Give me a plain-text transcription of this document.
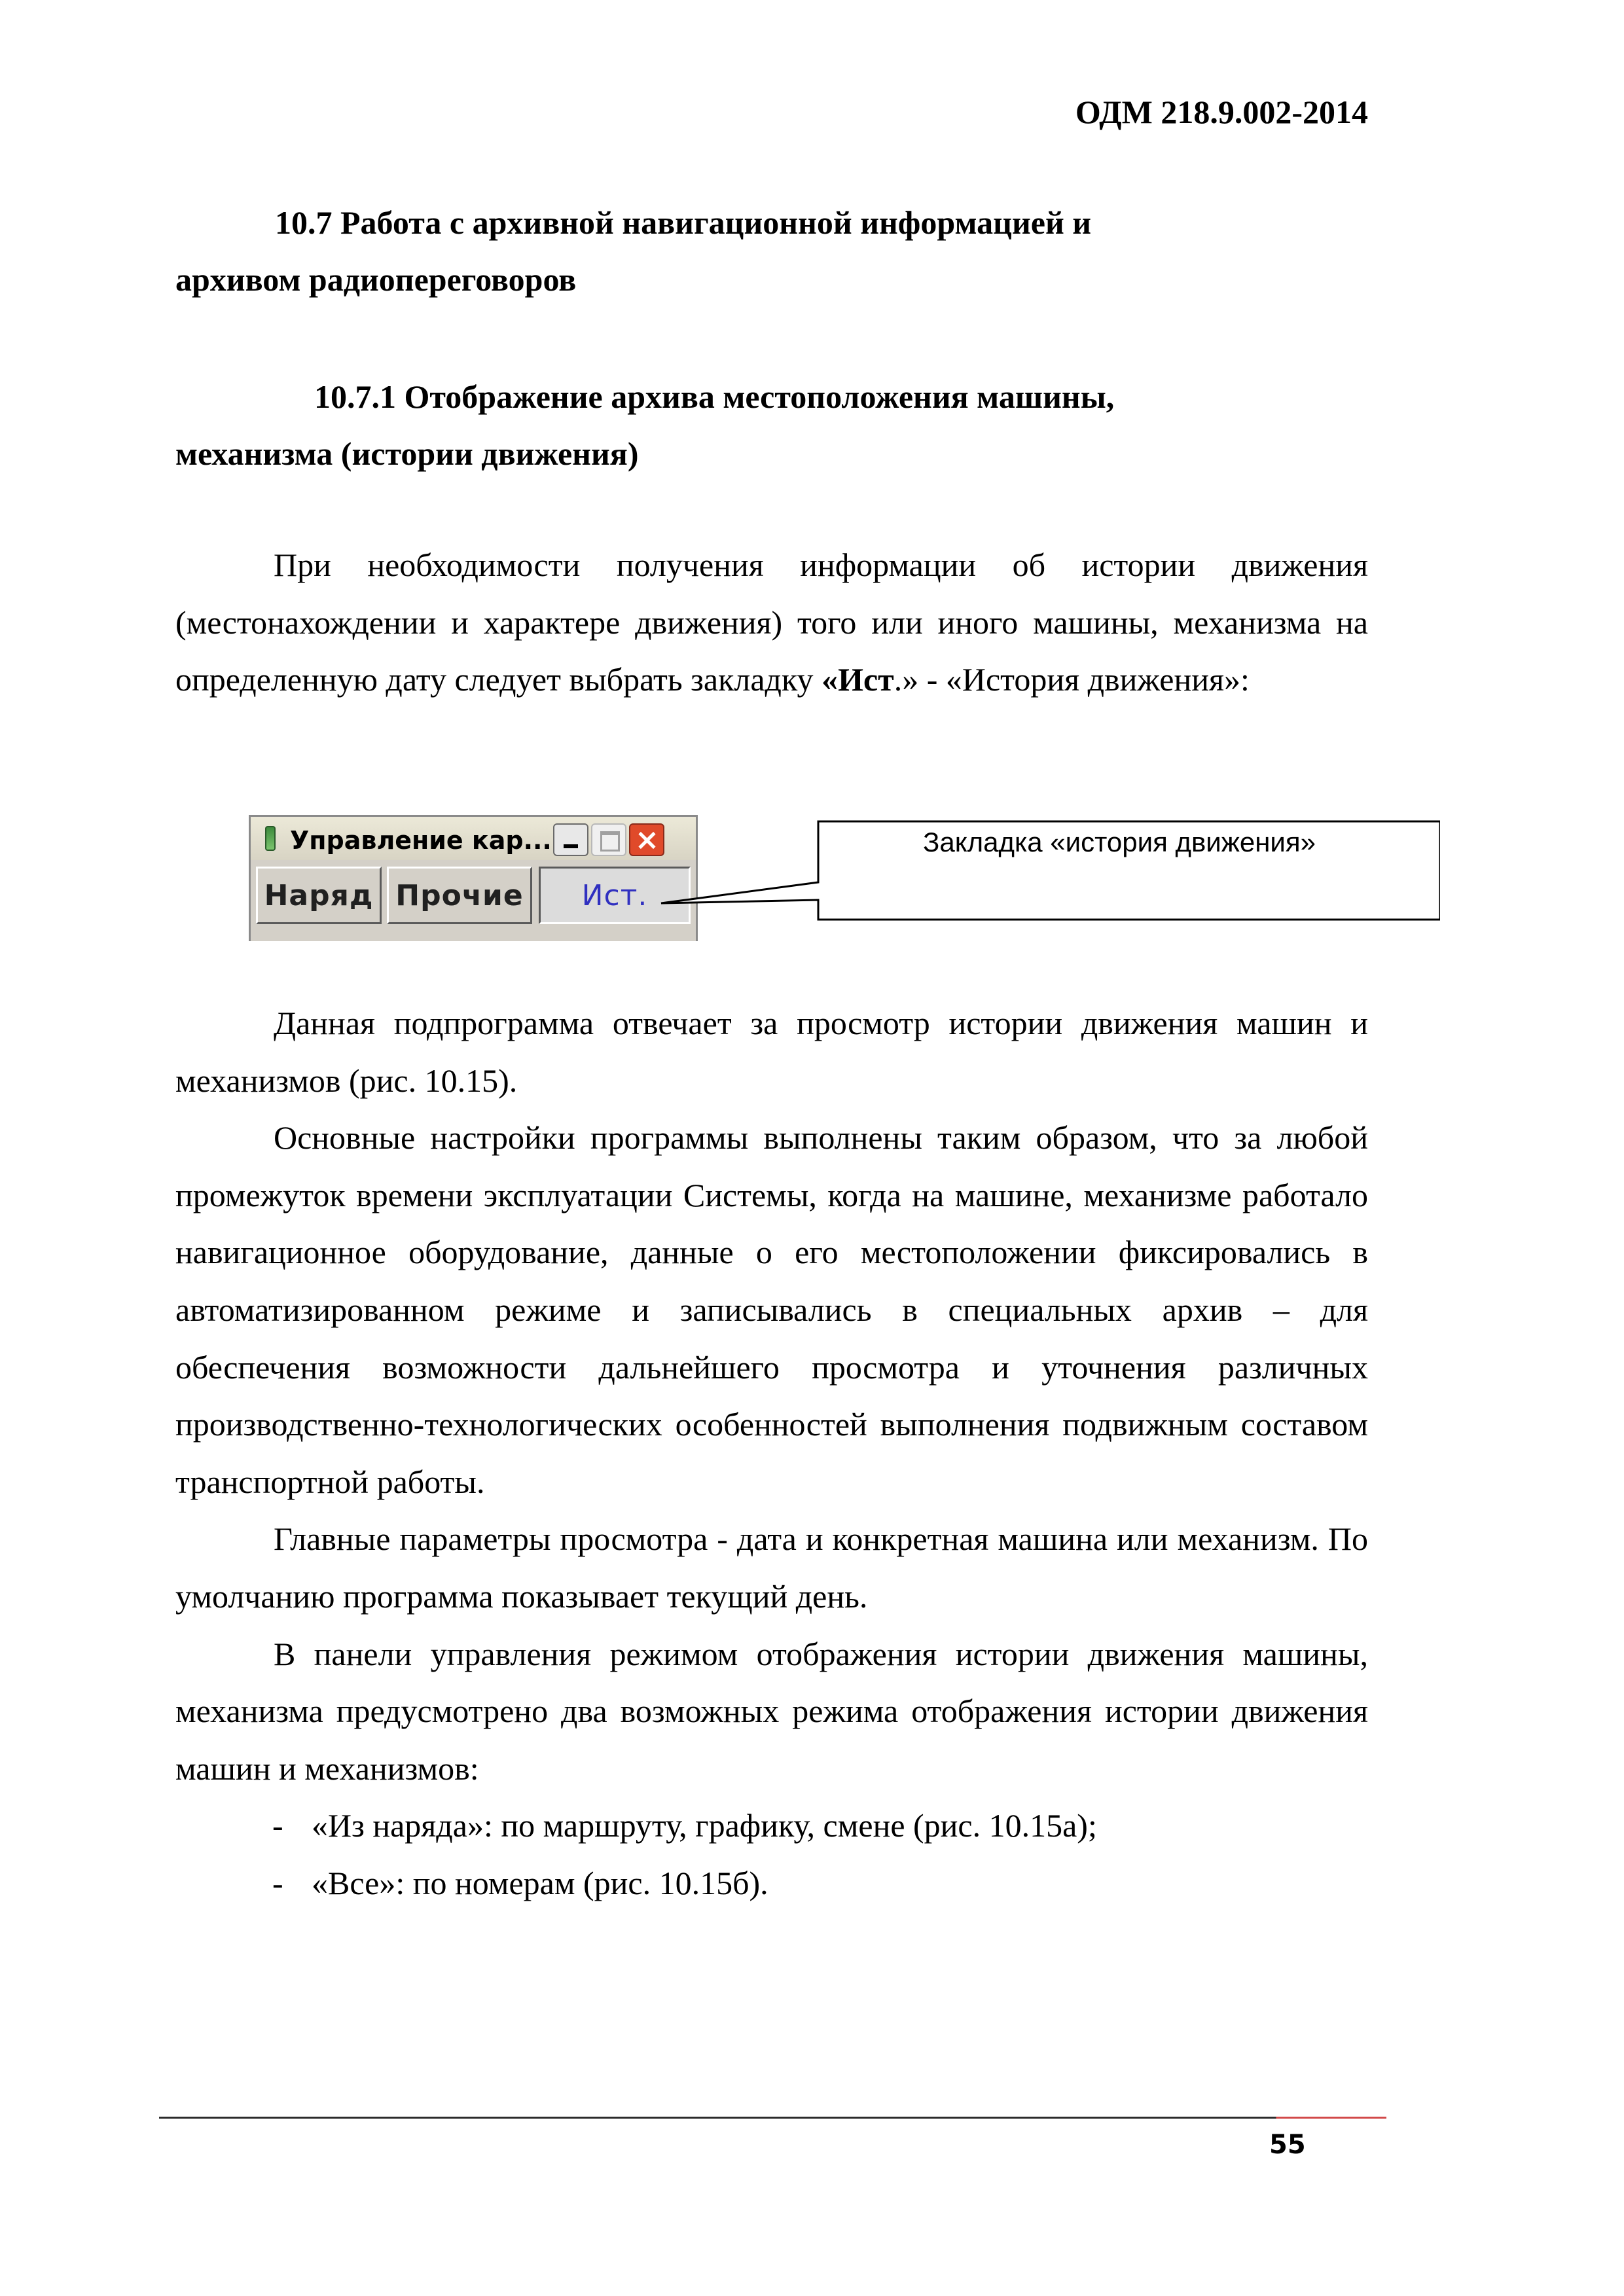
ОДМ 218.9.002-2014

10.7 Работа с архивной навигационной информацией и
архивом радиопереговоров
10.7.1 Отображение архива местоположения машины,
механизма (истории движения)

При необходимости получения информации об истории движения (местонахождении и характере движения) того или иного машины, механизма на определенную дату следует выбрать закладку «Ист.» - «История движения»:

Управление кар...
Наряд Прочие	Ист.

Закладка «история движения»

Данная подпрограмма отвечает за просмотр истории движения машин и механизмов (рис. 10.15).

Основные настройки программы выполнены таким образом, что за любой промежуток времени эксплуатации Системы, когда на машине, механизме работало навигационное оборудование, данные о его местоположении фиксировались в автоматизированном режиме и записывались в специальных архив – для обеспечения возможности дальнейшего просмотра и уточнения различных производственно-технологических особенностей выполнения подвижным составом транспортной работы.

Главные параметры просмотра - дата и конкретная машина или механизм. По умолчанию программа показывает текущий день.

В панели управления режимом отображения истории движения машины, механизма предусмотрено два возможных режима отображения истории движения машин и механизмов:

- «Из наряда»: по маршруту, графику, смене (рис. 10.15а);
- «Все»: по номерам (рис. 10.15б).

55
